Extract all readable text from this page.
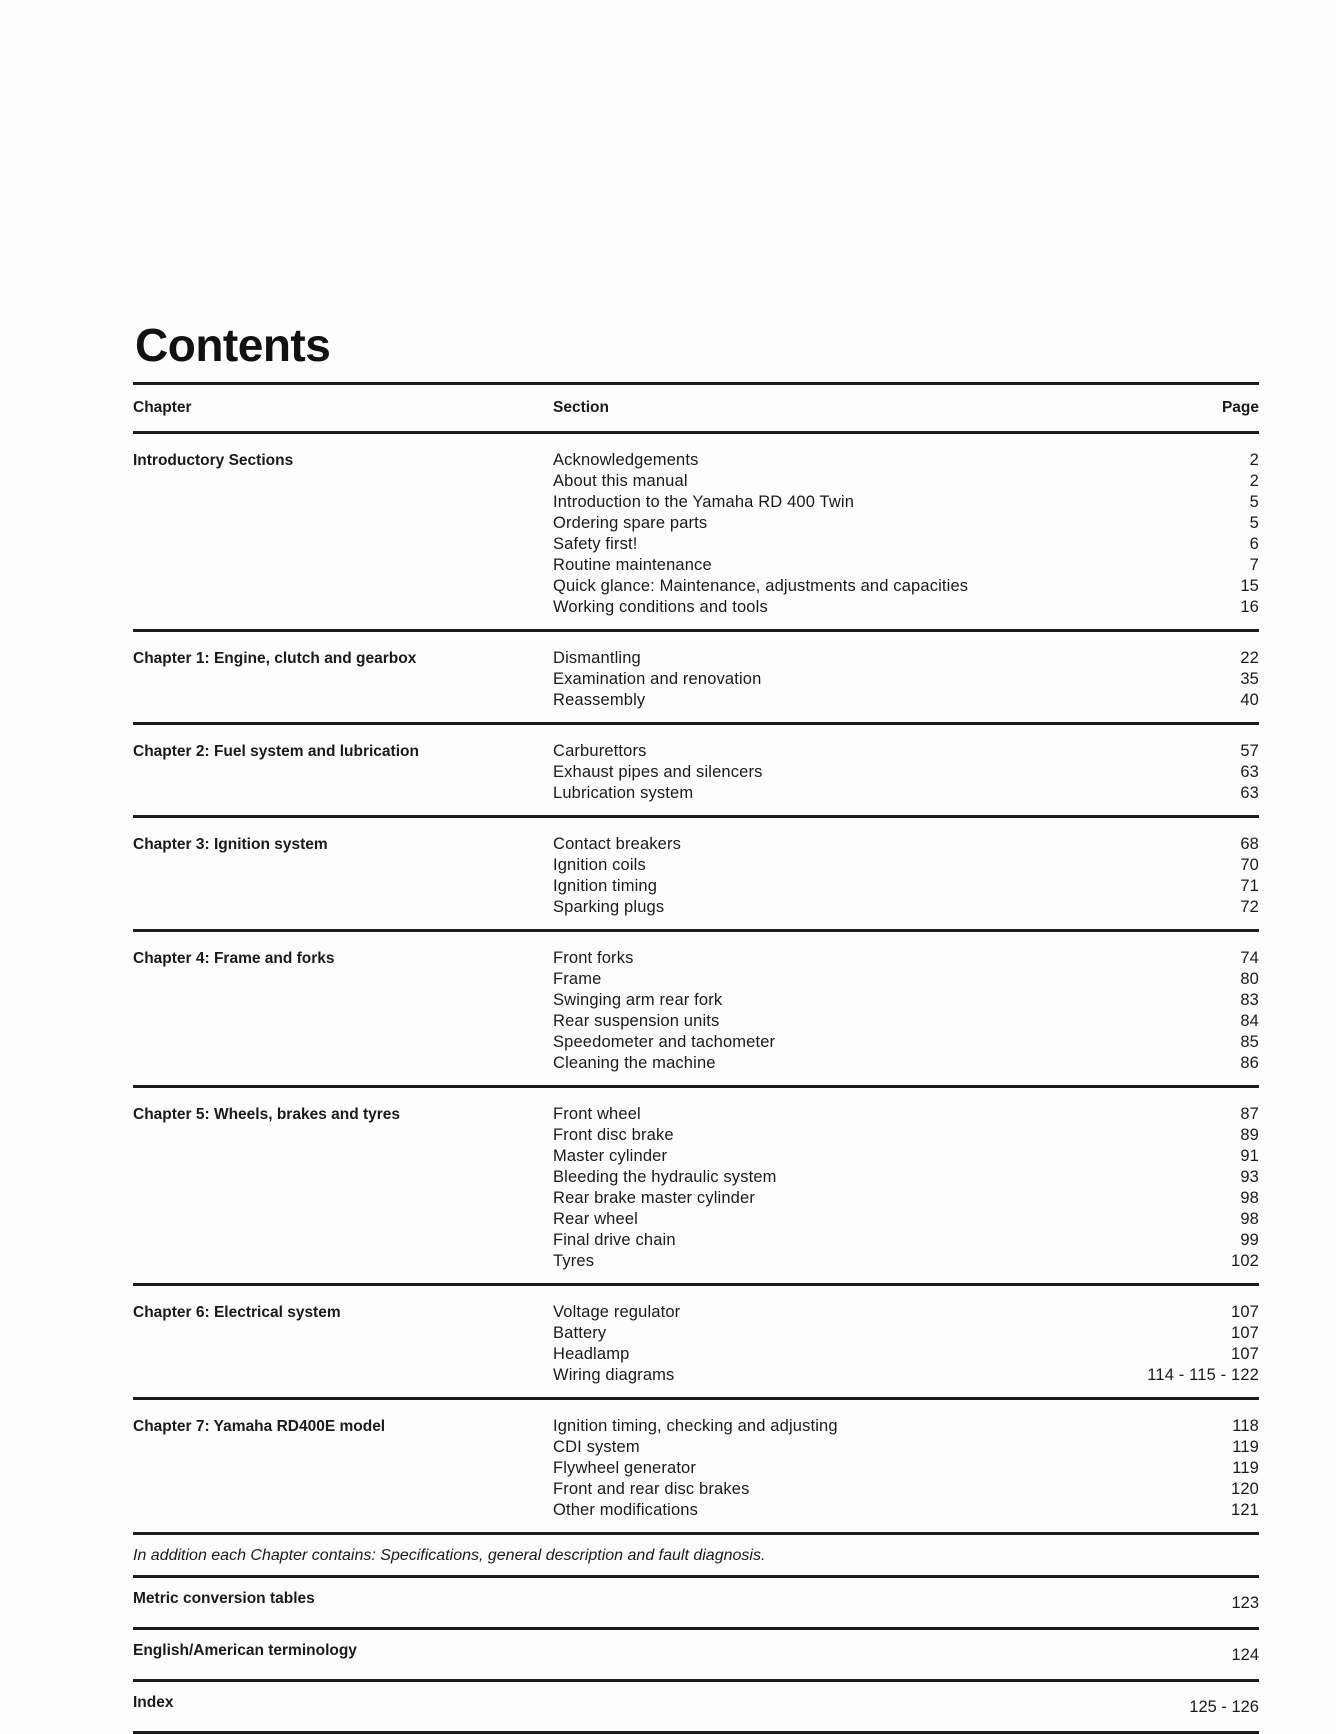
Contents
Chapter	Section	Page
Introductory Sections	Acknowledgements	2
About this manual	2
Introduction to the Yamaha RD 400 Twin	5
Ordering spare parts	5
Safety first!	6
Routine maintenance	7
Quick glance: Maintenance, adjustments and capacities	15
Working conditions and tools	16
Chapter 1: Engine, clutch and gearbox	Dismantling	22
Examination and renovation	35
Reassembly	40
Chapter 2: Fuel system and lubrication	Carburettors	57
Exhaust pipes and silencers	63
Lubrication system	63
Chapter 3: Ignition system	Contact breakers	68
Ignition coils	70
Ignition timing	71
Sparking plugs	72
Chapter 4: Frame and forks	Front forks	74
Frame	80
Swinging arm rear fork	83
Rear suspension units	84
Speedometer and tachometer	85
Cleaning the machine	86
Chapter 5: Wheels, brakes and tyres	Front wheel	87
Front disc brake	89
Master cylinder	91
Bleeding the hydraulic system	93
Rear brake master cylinder	98
Rear wheel	98
Final drive chain	99
Tyres	102
Chapter 6: Electrical system	Voltage regulator	107
Battery	107
Headlamp	107
Wiring diagrams	114 - 115 - 122
Chapter 7: Yamaha RD400E model	Ignition timing, checking and adjusting	118
CDI system	119
Flywheel generator	119
Front and rear disc brakes	120
Other modifications	121
In addition each Chapter contains: Specifications, general description and fault diagnosis.
Metric conversion tables	123
English/American terminology	124
Index	125 - 126
